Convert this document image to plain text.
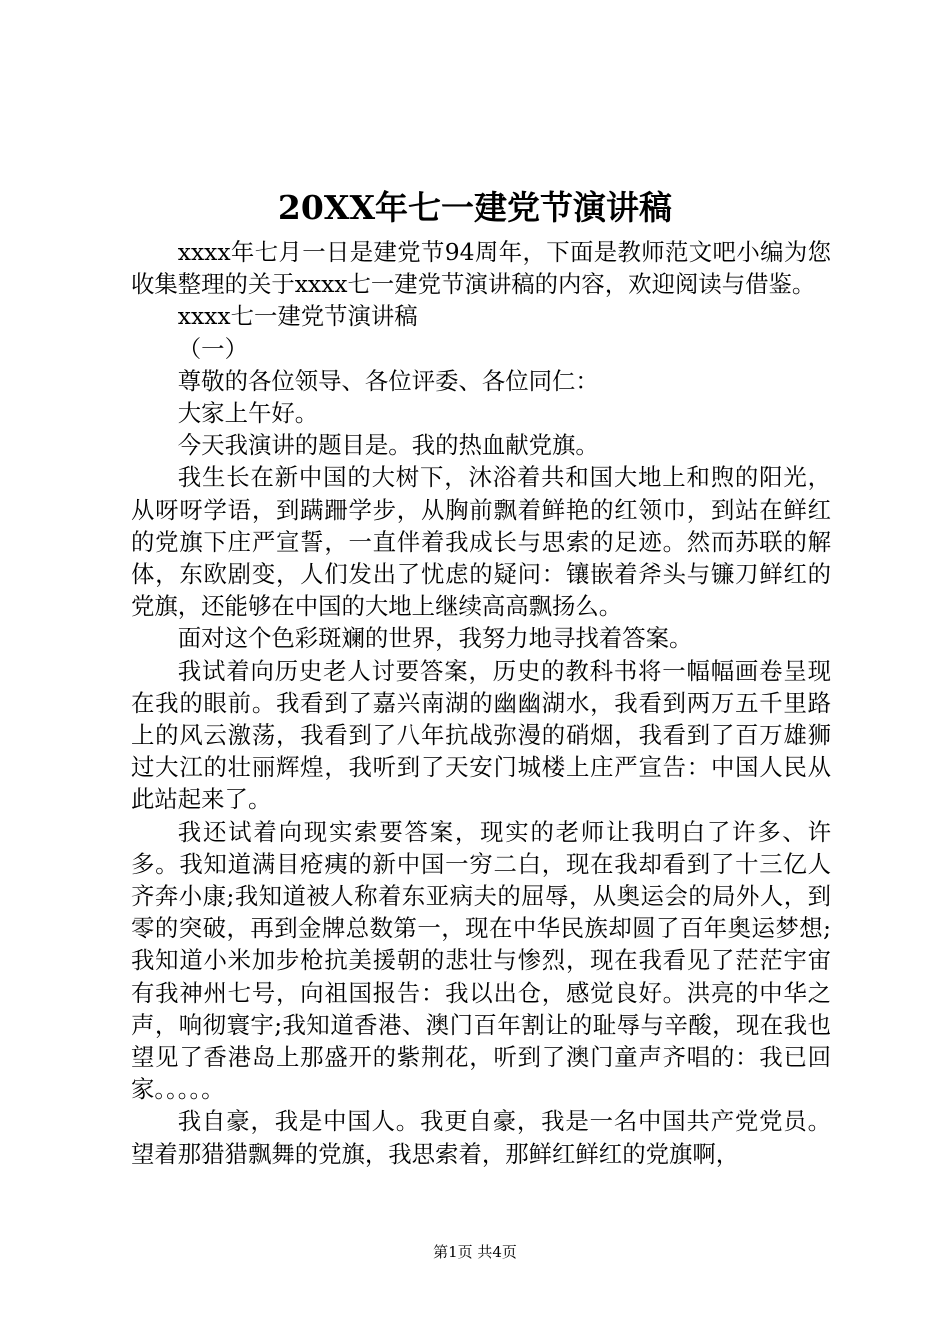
20XX年七一建党节演讲稿

xxxx年七月一日是建党节94周年，下面是教师范文吧小编为您收集整理的关于xxxx七一建党节演讲稿的内容，欢迎阅读与借鉴。

xxxx七一建党节演讲稿

（一）

尊敬的各位领导、各位评委、各位同仁：

大家上午好。

今天我演讲的题目是。我的热血献党旗。

我生长在新中国的大树下，沐浴着共和国大地上和煦的阳光，从呀呀学语，到蹒跚学步，从胸前飘着鲜艳的红领巾，到站在鲜红的党旗下庄严宣誓，一直伴着我成长与思索的足迹。然而苏联的解体，东欧剧变，人们发出了忧虑的疑问：镶嵌着斧头与镰刀鲜红的党旗，还能够在中国的大地上继续高高飘扬么。

面对这个色彩斑斓的世界，我努力地寻找着答案。

我试着向历史老人讨要答案，历史的教科书将一幅幅画卷呈现在我的眼前。我看到了嘉兴南湖的幽幽湖水，我看到两万五千里路上的风云激荡，我看到了八年抗战弥漫的硝烟，我看到了百万雄狮过大江的壮丽辉煌，我听到了天安门城楼上庄严宣告：中国人民从此站起来了。

我还试着向现实索要答案，现实的老师让我明白了许多、许多。我知道满目疮痍的新中国一穷二白，现在我却看到了十三亿人齐奔小康;我知道被人称着东亚病夫的屈辱，从奥运会的局外人，到零的突破，再到金牌总数第一，现在中华民族却圆了百年奥运梦想;我知道小米加步枪抗美援朝的悲壮与惨烈，现在我看见了茫茫宇宙有我神州七号，向祖国报告：我以出仓，感觉良好。洪亮的中华之声，响彻寰宇;我知道香港、澳门百年割让的耻辱与辛酸，现在我也望见了香港岛上那盛开的紫荆花，听到了澳门童声齐唱的：我已回家。。。。。

我自豪，我是中国人。我更自豪，我是一名中国共产党党员。望着那猎猎飘舞的党旗，我思索着，那鲜红鲜红的党旗啊，

第1页 共4页
